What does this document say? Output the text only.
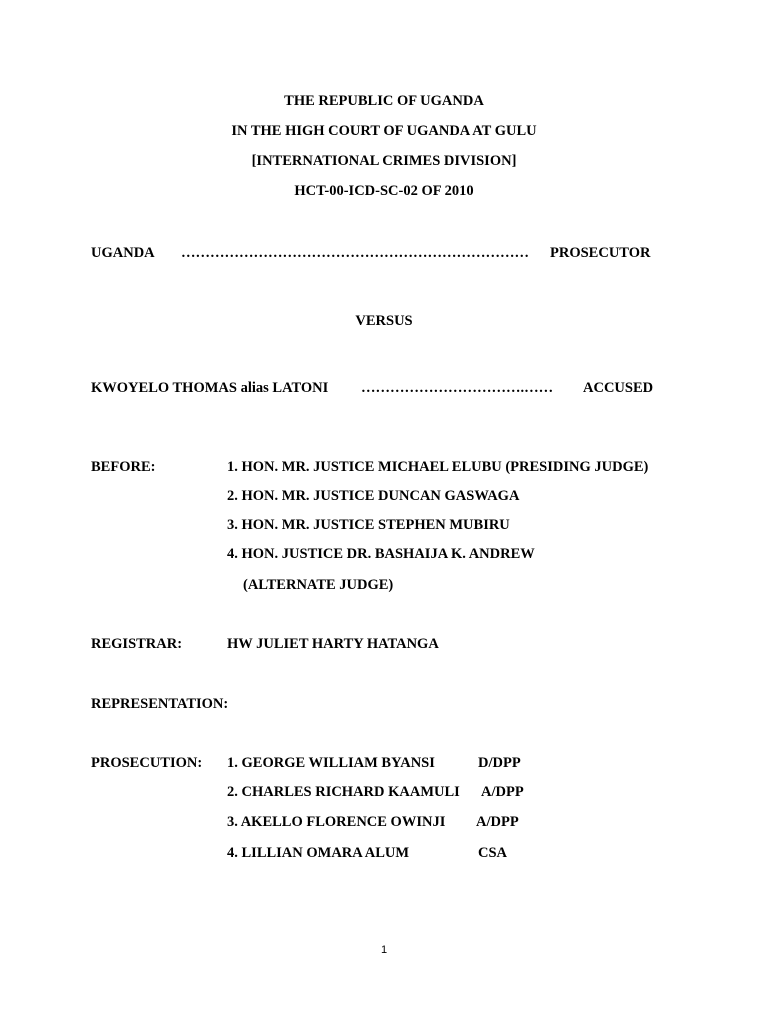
THE REPUBLIC OF UGANDA
IN THE HIGH COURT OF UGANDA AT GULU
[INTERNATIONAL CRIMES DIVISION]
HCT-00-ICD-SC-02 OF 2010
UGANDA ……………………………………………………………… PROSECUTOR
VERSUS
KWOYELO THOMAS alias LATONI …………………………….…… ACCUSED
BEFORE:	1. HON. MR. JUSTICE MICHAEL ELUBU (PRESIDING JUDGE)
2. HON. MR. JUSTICE DUNCAN GASWAGA
3. HON. MR. JUSTICE STEPHEN MUBIRU
4. HON. JUSTICE DR. BASHAIJA K. ANDREW
(ALTERNATE JUDGE)
REGISTRAR:	HW JULIET HARTY HATANGA
REPRESENTATION:
PROSECUTION: 1. GEORGE WILLIAM BYANSI	D/DPP
2. CHARLES RICHARD KAAMULI A/DPP
3. AKELLO FLORENCE OWINJI A/DPP
4. LILLIAN OMARA ALUM	CSA
1
